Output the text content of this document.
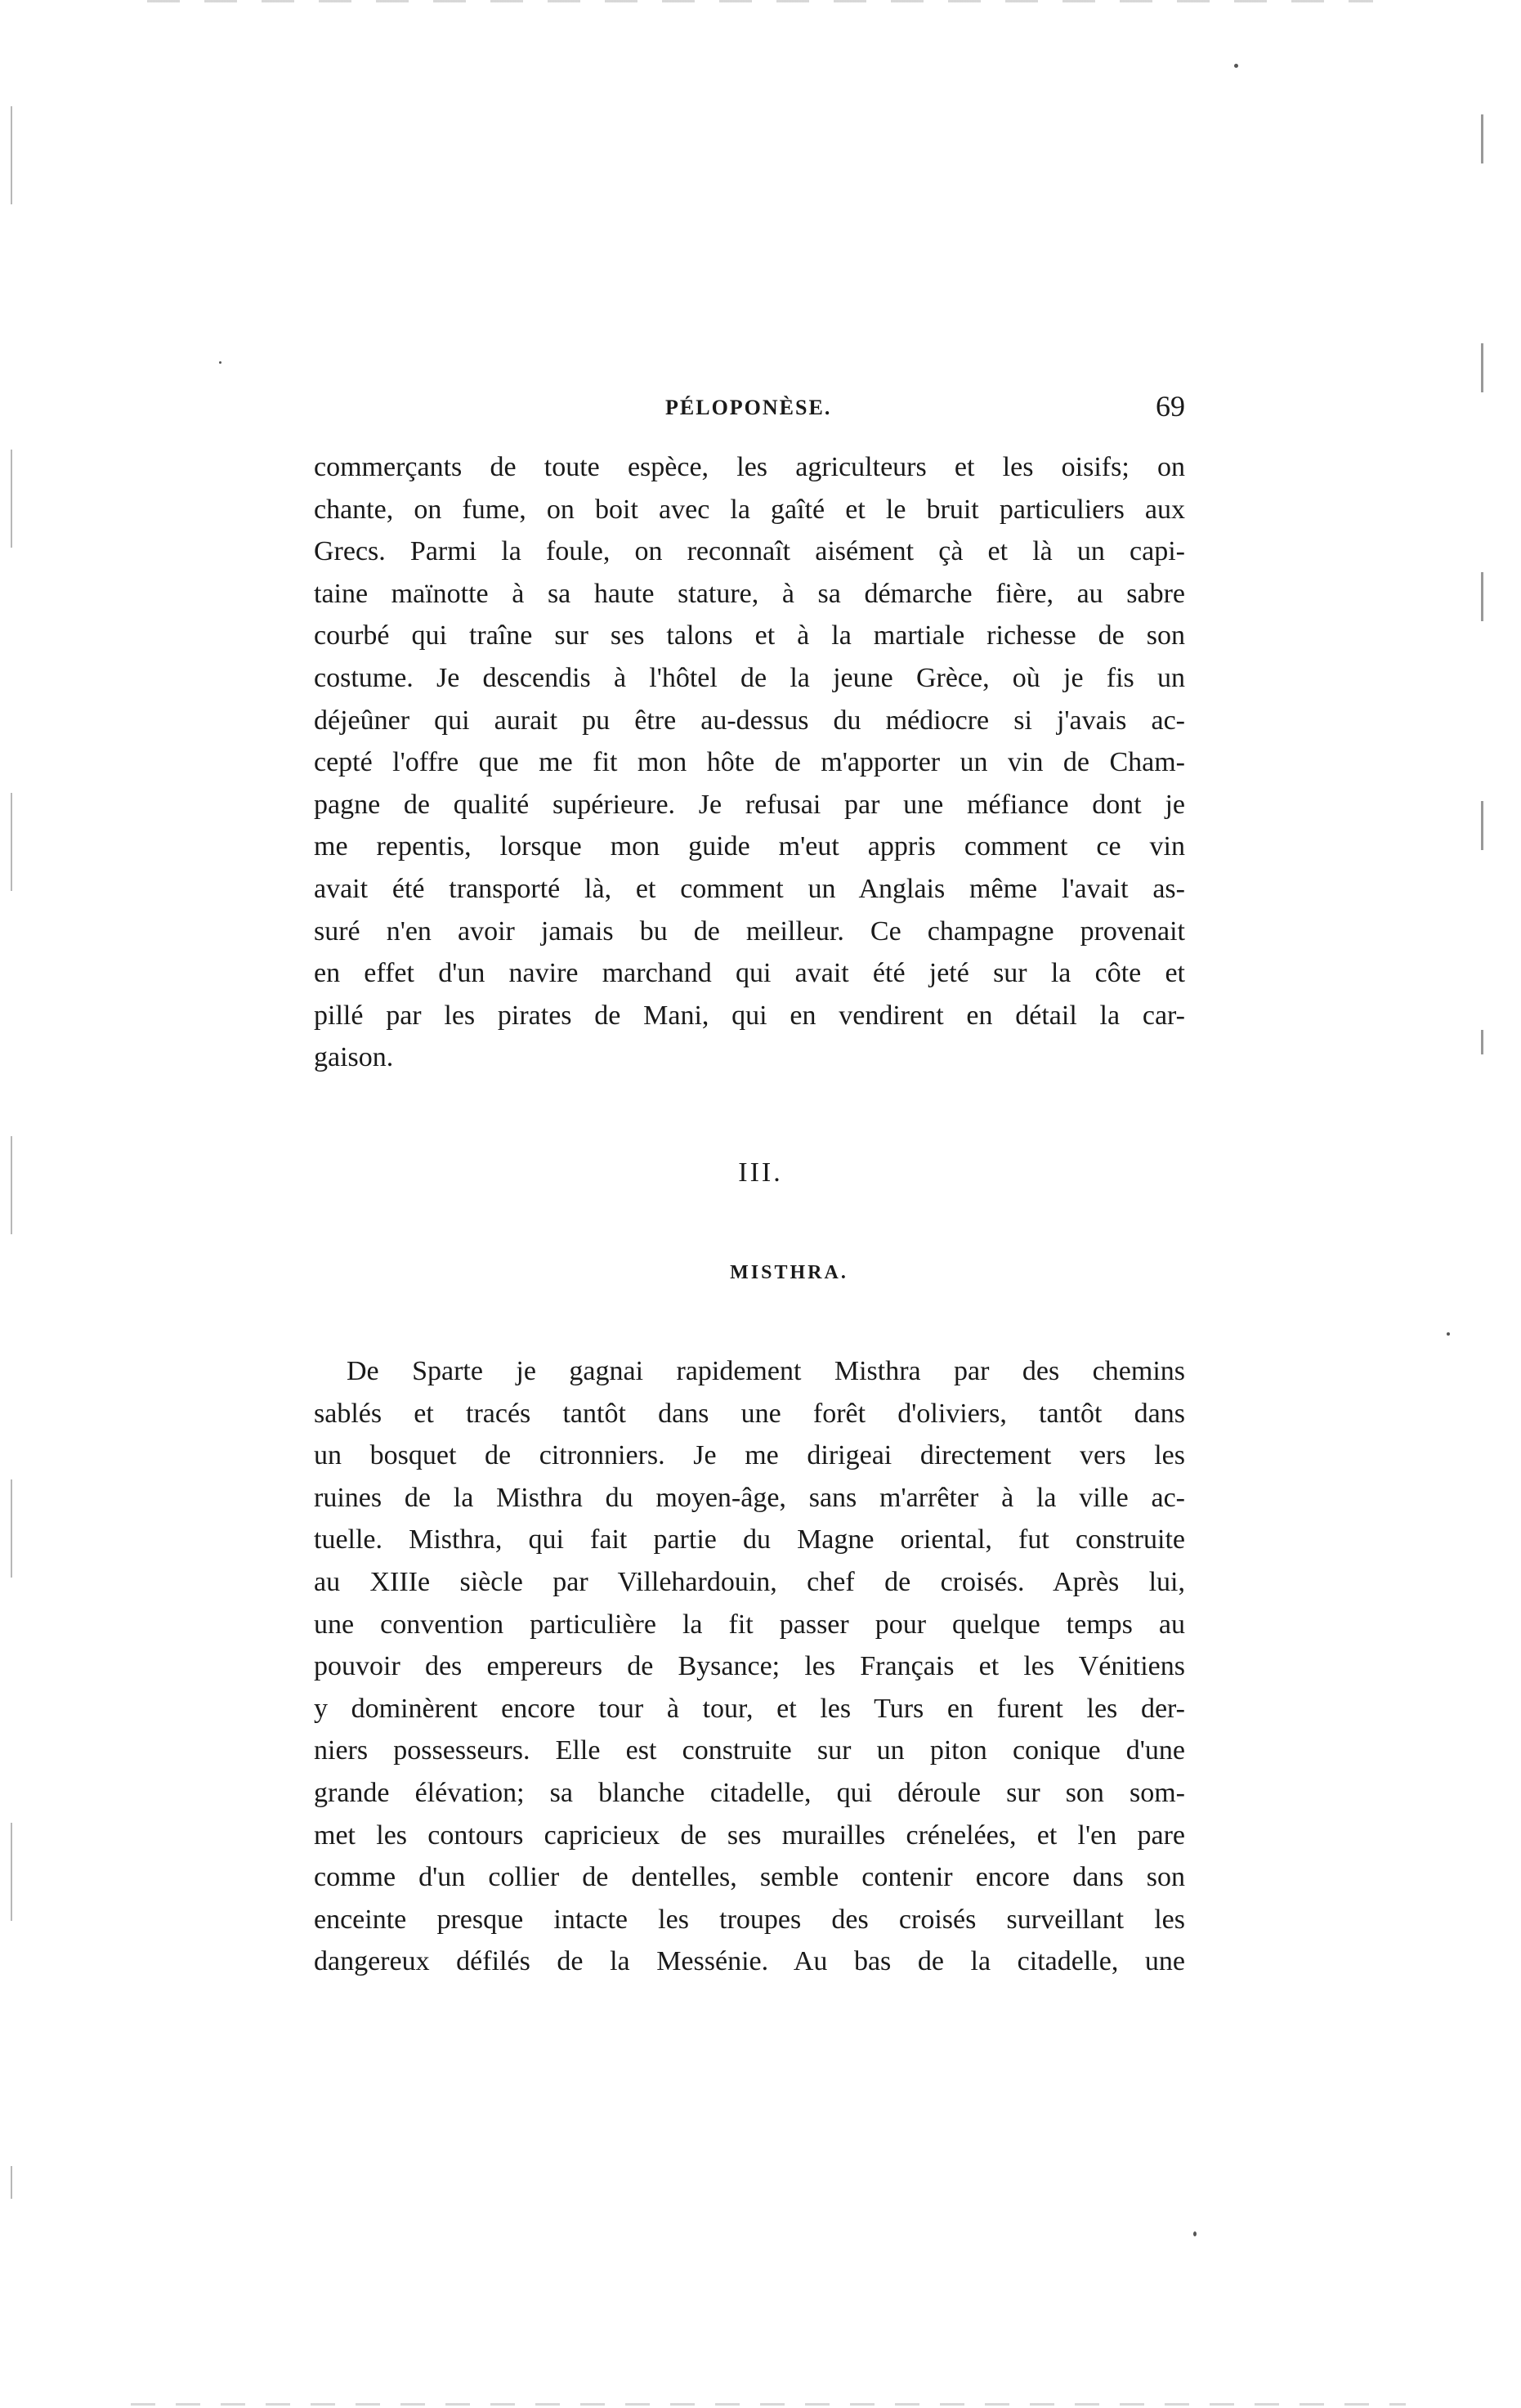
PÉLOPONÈSE.	69
commerçants de toute espèce, les agriculteurs et les oisifs; on
chante, on fume, on boit avec la gaîté et le bruit particuliers aux
Grecs. Parmi la foule, on reconnaît aisément çà et là un capi-
taine maïnotte à sa haute stature, à sa démarche fière, au sabre
courbé qui traîne sur ses talons et à la martiale richesse de son
costume. Je descendis à l'hôtel de la jeune Grèce, où je fis un
déjeûner qui aurait pu être au-dessus du médiocre si j'avais ac-
cepté l'offre que me fit mon hôte de m'apporter un vin de Cham-
pagne de qualité supérieure. Je refusai par une méfiance dont je
me repentis, lorsque mon guide m'eut appris comment ce vin
avait été transporté là, et comment un Anglais même l'avait as-
suré n'en avoir jamais bu de meilleur. Ce champagne provenait
en effet d'un navire marchand qui avait été jeté sur la côte et
pillé par les pirates de Mani, qui en vendirent en détail la car-
gaison.
III.
MISTHRA.
De Sparte je gagnai rapidement Misthra par des chemins
sablés et tracés tantôt dans une forêt d'oliviers, tantôt dans
un bosquet de citronniers. Je me dirigeai directement vers les
ruines de la Misthra du moyen-âge, sans m'arrêter à la ville ac-
tuelle. Misthra, qui fait partie du Magne oriental, fut construite
au XIIIe siècle par Villehardouin, chef de croisés. Après lui,
une convention particulière la fit passer pour quelque temps au
pouvoir des empereurs de Bysance; les Français et les Vénitiens
y dominèrent encore tour à tour, et les Turs en furent les der-
niers possesseurs. Elle est construite sur un piton conique d'une
grande élévation; sa blanche citadelle, qui déroule sur son som-
met les contours capricieux de ses murailles crénelées, et l'en pare
comme d'un collier de dentelles, semble contenir encore dans son
enceinte presque intacte les troupes des croisés surveillant les
dangereux défilés de la Messénie. Au bas de la citadelle, une
